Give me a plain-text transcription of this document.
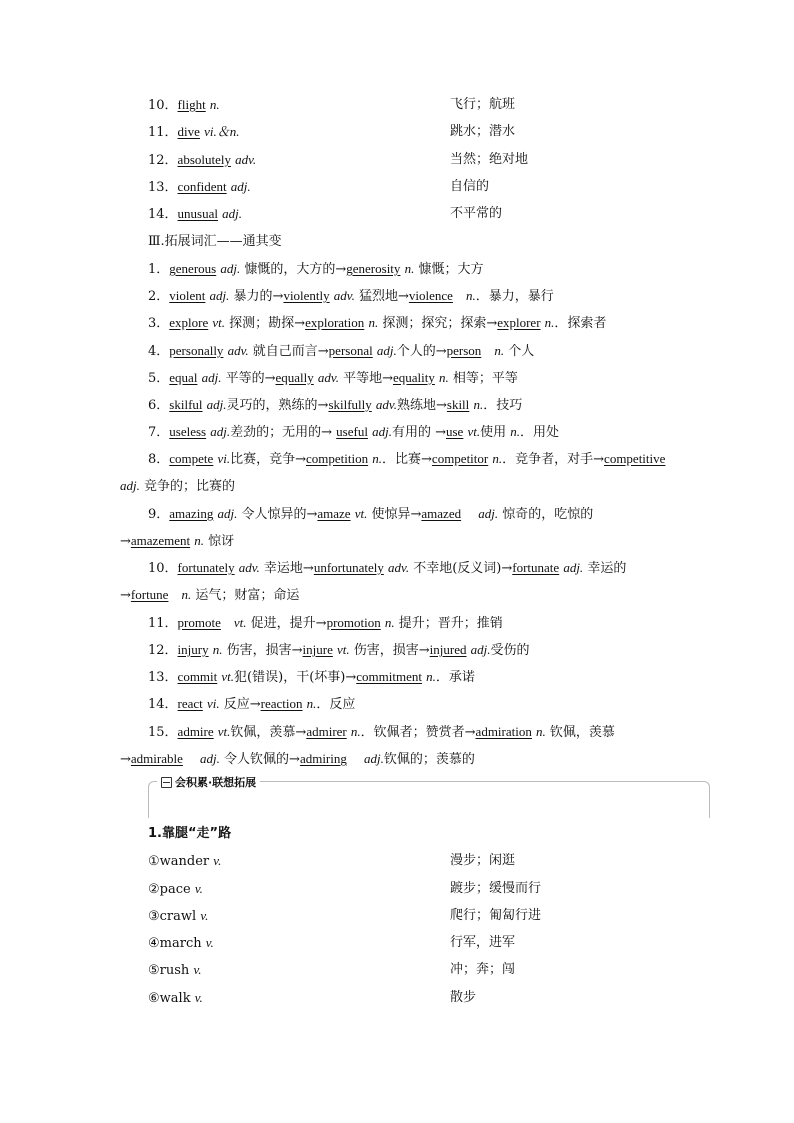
10．flight n.	飞行；航班
11．dive vi.＆n.	跳水；潜水
12．absolutely adv.	当然；绝对地
13．confident adj.	自信的
14．unusual adj.	不平常的
Ⅲ.拓展词汇——通其变
1．generous adj. 慷慨的，大方的→generosity n. 慷慨；大方
2．violent adj. 暴力的→violently adv. 猛烈地→violence　 n.．暴力，暴行
3．explore vt. 探测；勘探→exploration n. 探测；探究；探索→explorer n.．探索者
4．personally adv. 就自己而言→personal adj.个人的→person　 n. 个人
5．equal adj. 平等的→equally adv. 平等地→equality n. 相等；平等
6．skilful adj.灵巧的，熟练的→skilfully adv.熟练地→skill n.．技巧
7．useless adj.差劲的；无用的→ useful adj.有用的 →use vt.使用 n.．用处
8．compete vi.比赛，竞争→competition n.．比赛→competitor n.．竞争者，对手→competitive
adj. 竞争的；比赛的
9．amazing adj. 令人惊异的→amaze vt. 使惊异→amazed　 adj. 惊奇的，吃惊的
→amazement n. 惊讶
10．fortunately adv. 幸运地→unfortunately adv. 不幸地(反义词)→fortunate adj. 幸运的
→fortune　 n. 运气；财富；命运
11．promote　 vt. 促进，提升→promotion n. 提升；晋升；推销
12．injury n. 伤害，损害→injure vt. 伤害，损害→injured adj.受伤的
13．commit vt.犯(错误)，干(坏事)→commitment n.．承诺
14．react vi. 反应→reaction n.．反应
15．admire vt.钦佩，羡慕→admirer n.．钦佩者；赞赏者→admiration n. 钦佩，羡慕
→admirable　 adj. 令人钦佩的→admiring　 adj.钦佩的；羡慕的
会积累·联想拓展
1.靠腿“走”路
①wander v.	漫步；闲逛
②pace v.	踱步；缓慢而行
③crawl v.	爬行；匍匐行进
④march v.	行军，进军
⑤rush v.	冲；奔；闯
⑥walk v.	散步
